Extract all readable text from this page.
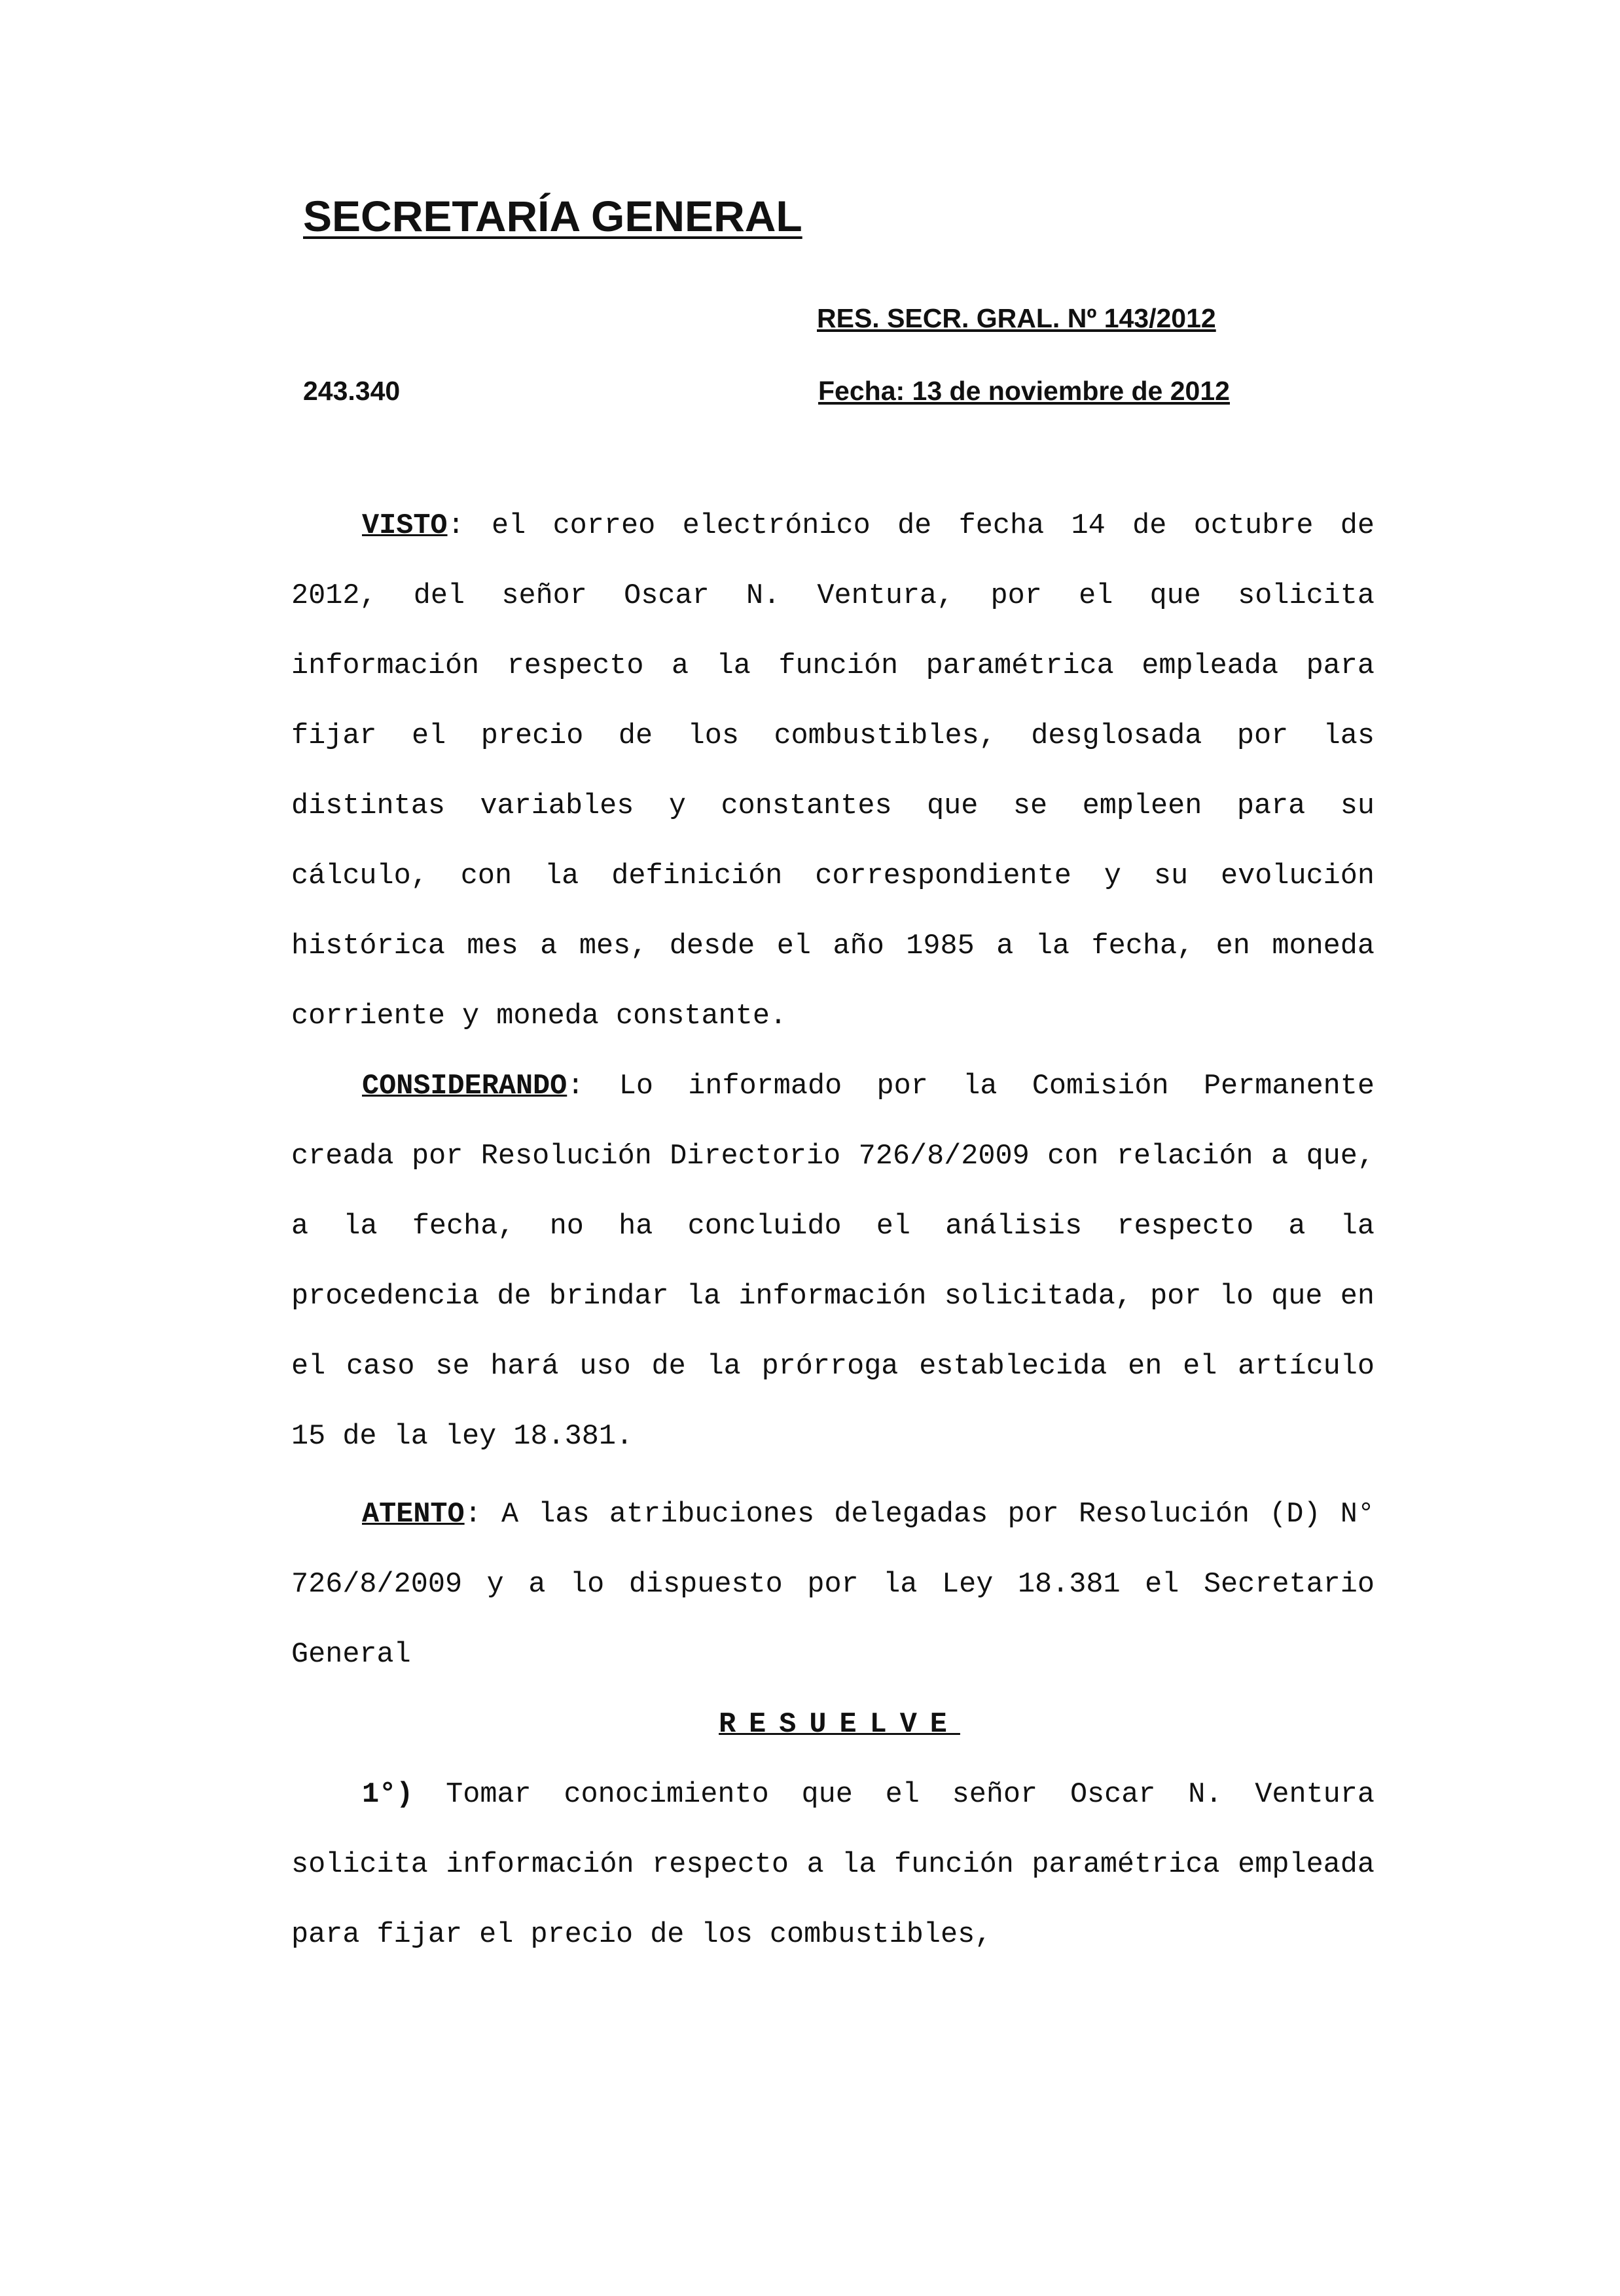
SECRETARÍA GENERAL
RES. SECR. GRAL. Nº 143/2012
243.340	Fecha: 13 de noviembre de 2012

VISTO: el correo electrónico de fecha 14 de octubre de 2012, del señor Oscar N. Ventura, por el que solicita información respecto a la función paramétrica empleada para fijar el precio de los combustibles, desglosada por las distintas variables y constantes que se empleen para su cálculo, con la definición correspondiente y su evolución histórica mes a mes, desde el año 1985 a la fecha, en moneda corriente y moneda constante.

CONSIDERANDO: Lo informado por la Comisión Permanente creada por Resolución Directorio 726/8/2009 con relación a que, a la fecha, no ha concluido el análisis respecto a la procedencia de brindar la información solicitada, por lo que en el caso se hará uso de la prórroga establecida en el artículo 15 de la ley 18.381.

ATENTO: A las atribuciones delegadas por Resolución (D) N° 726/8/2009 y a lo dispuesto por la Ley 18.381 el Secretario General

RESUELVE

1°) Tomar conocimiento que el señor Oscar N. Ventura solicita información respecto a la función paramétrica empleada para fijar el precio de los combustibles,
